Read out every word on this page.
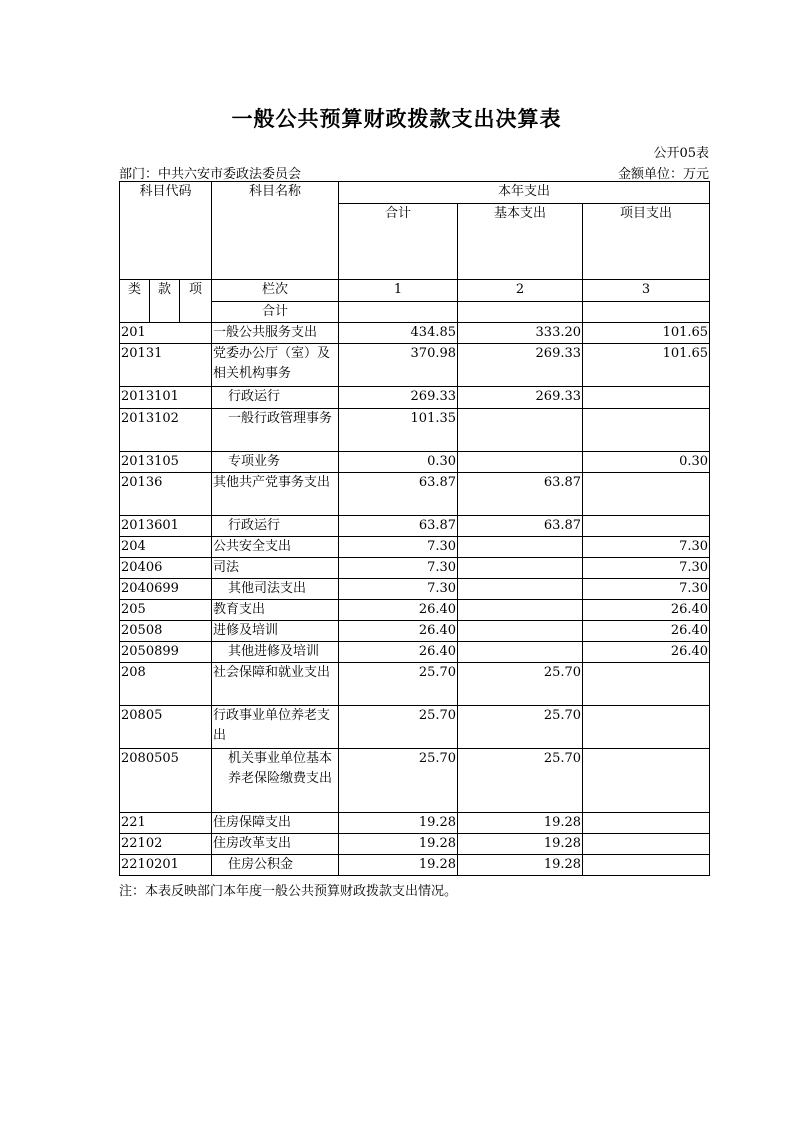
一般公共预算财政拨款支出决算表
公开05表
部门：中共六安市委政法委员会	金额单位：万元
科目代码			科目名称	本年支出		
				合计	基本支出	项目支出
类	款	项	栏次	1	2	3
			合计			
201			一般公共服务支出	434.85	333.20	101.65
20131			党委办公厅（室）及相关机构事务	370.98	269.33	101.65
2013101			行政运行	269.33	269.33	
2013102			一般行政管理事务	101.35		
2013105			专项业务	0.30		0.30
20136			其他共产党事务支出	63.87	63.87	
2013601			行政运行	63.87	63.87	
204			公共安全支出	7.30		7.30
20406			司法	7.30		7.30
2040699			其他司法支出	7.30		7.30
205			教育支出	26.40		26.40
20508			进修及培训	26.40		26.40
2050899			其他进修及培训	26.40		26.40
208			社会保障和就业支出	25.70	25.70	
20805			行政事业单位养老支出	25.70	25.70	
2080505			机关事业单位基本养老保险缴费支出	25.70	25.70	
221			住房保障支出	19.28	19.28	
22102			住房改革支出	19.28	19.28	
2210201			住房公积金	19.28	19.28	
注：本表反映部门本年度一般公共预算财政拨款支出情况。
